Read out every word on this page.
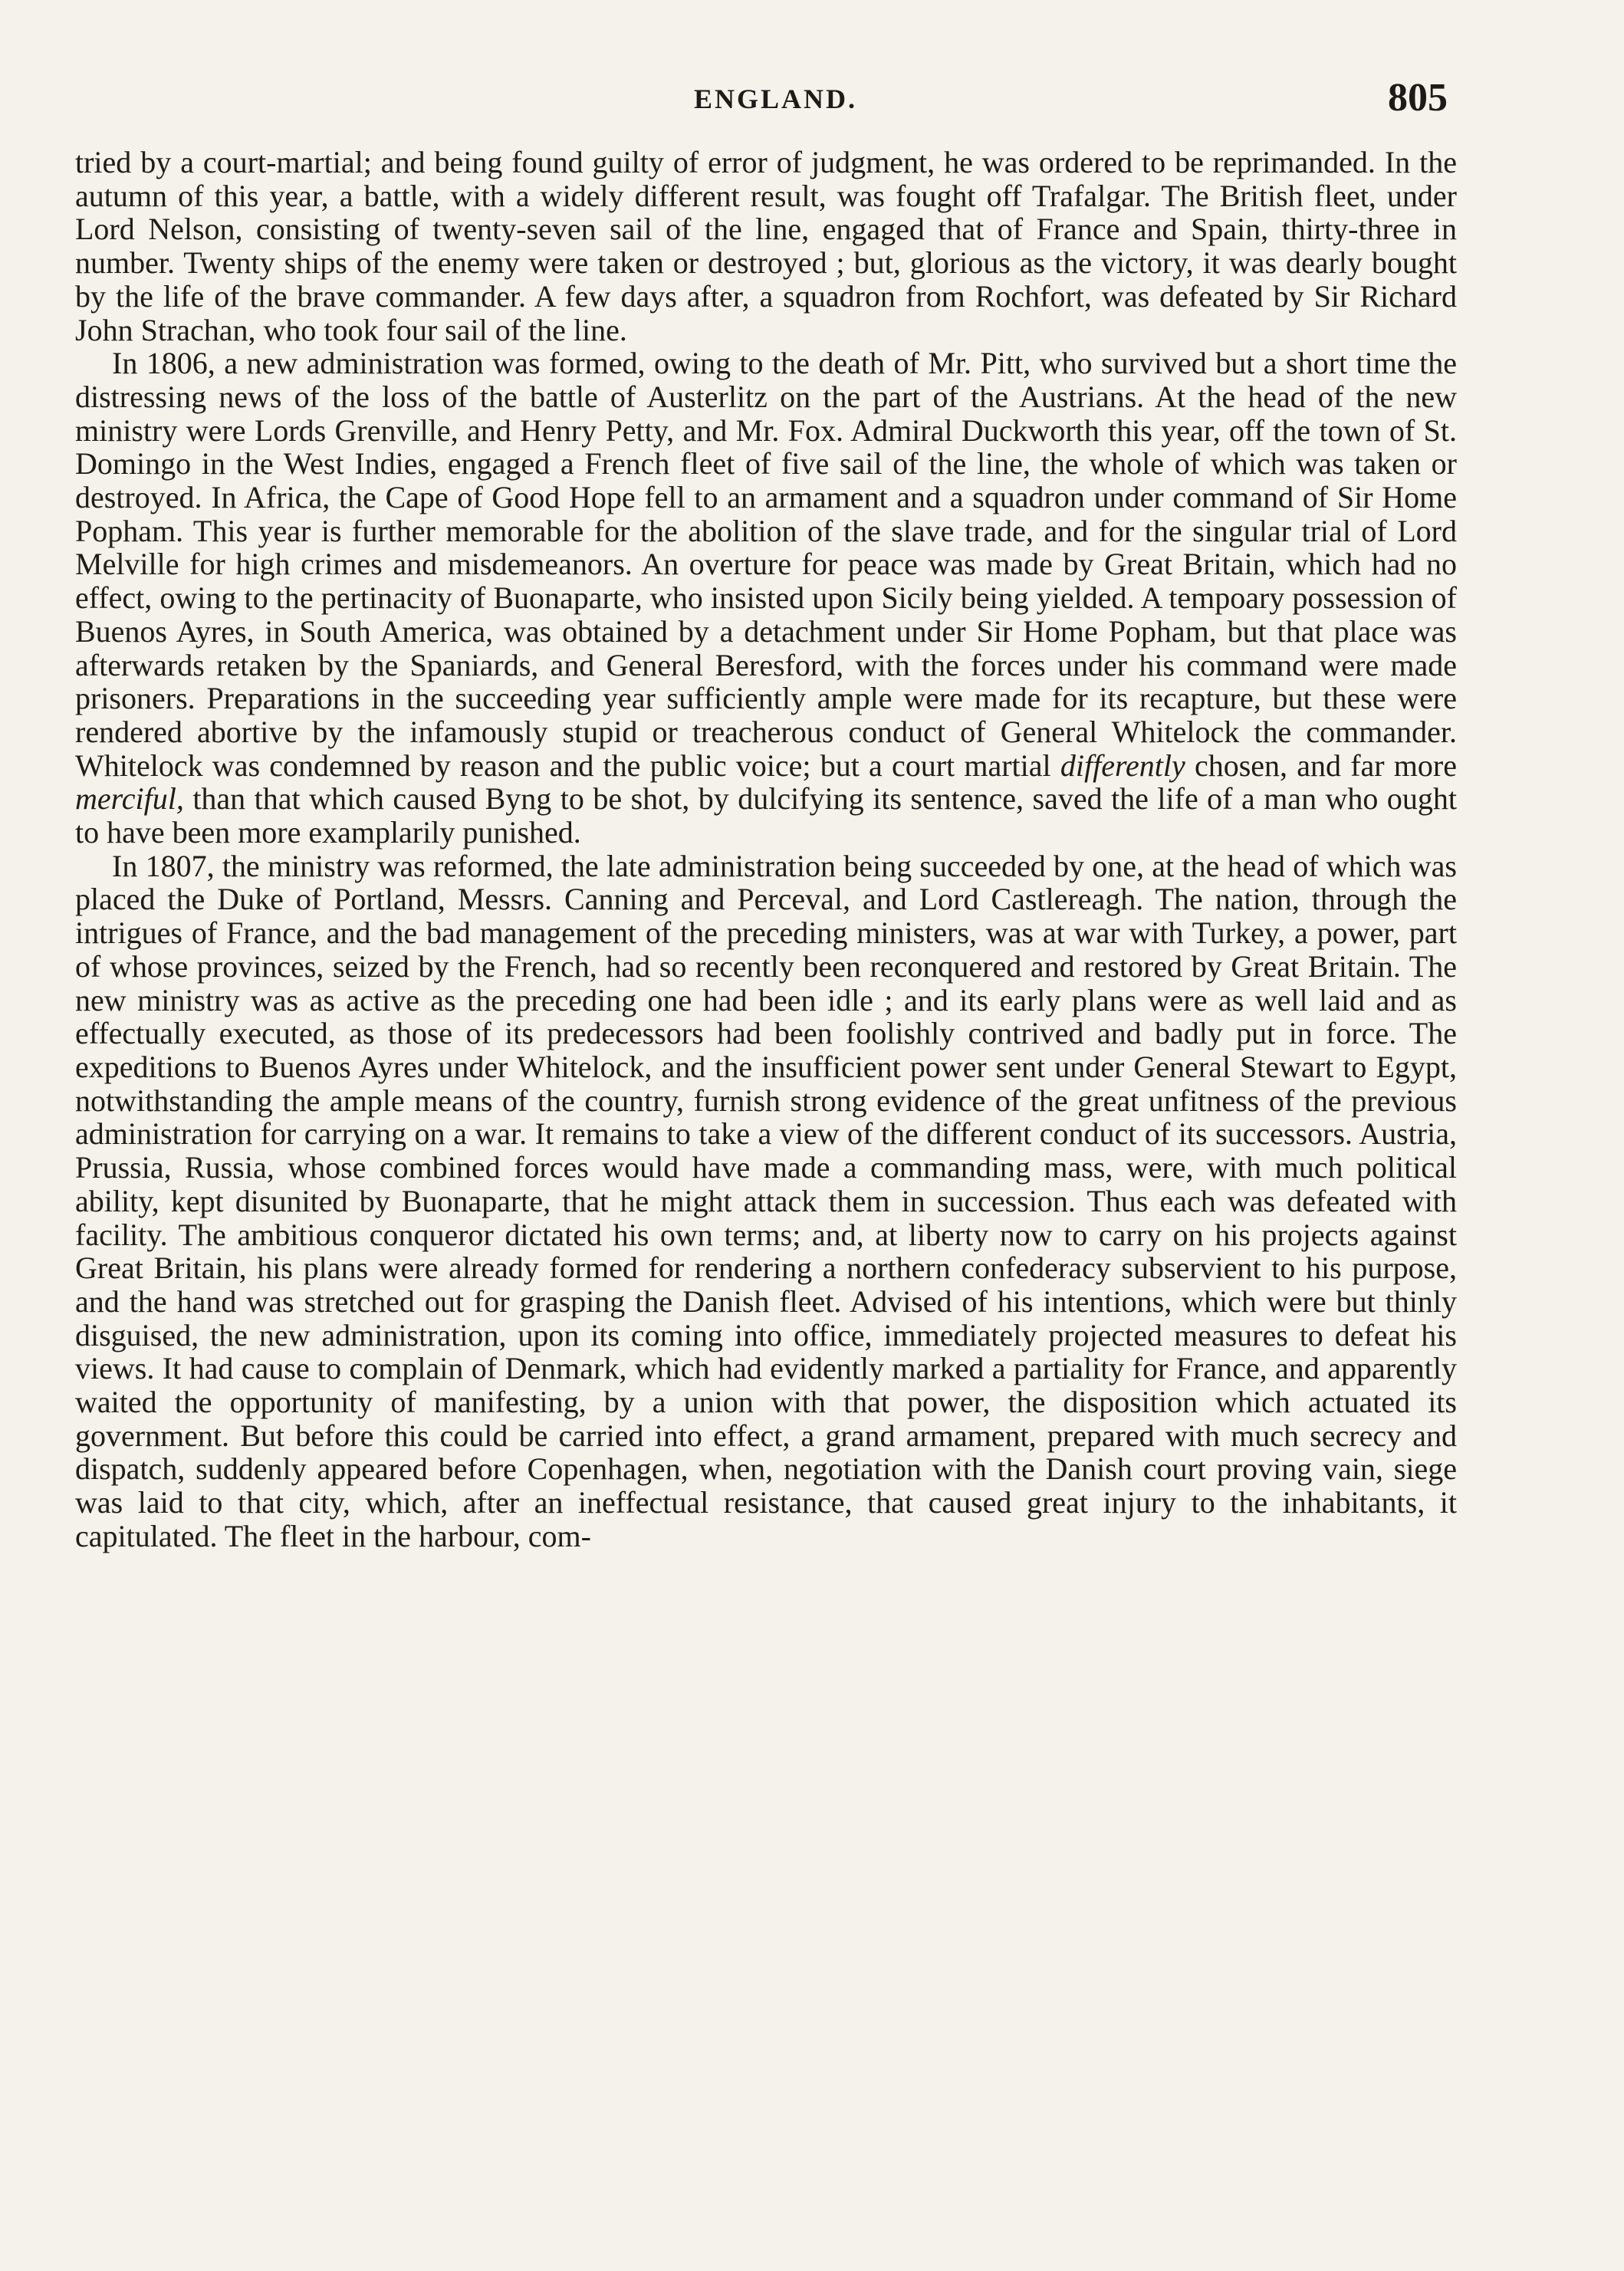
ENGLAND.	805

tried by a court-martial; and being found guilty of error of judgment, he was ordered to be reprimanded. In the autumn of this year, a battle, with a widely different result, was fought off Trafalgar. The British fleet, under Lord Nelson, consisting of twenty-seven sail of the line, engaged that of France and Spain, thirty-three in number. Twenty ships of the enemy were taken or destroyed ; but, glorious as the victory, it was dearly bought by the life of the brave commander. A few days after, a squadron from Rochfort, was defeated by Sir Richard John Strachan, who took four sail of the line.

In 1806, a new administration was formed, owing to the death of Mr. Pitt, who survived but a short time the distressing news of the loss of the battle of Austerlitz on the part of the Austrians. At the head of the new ministry were Lords Grenville, and Henry Petty, and Mr. Fox. Admiral Duckworth this year, off the town of St. Domingo in the West Indies, engaged a French fleet of five sail of the line, the whole of which was taken or destroyed. In Africa, the Cape of Good Hope fell to an armament and a squadron under command of Sir Home Popham. This year is further memorable for the abolition of the slave trade, and for the singular trial of Lord Melville for high crimes and misdemeanors. An overture for peace was made by Great Britain, which had no effect, owing to the pertinacity of Buonaparte, who insisted upon Sicily being yielded. A tempoary possession of Buenos Ayres, in South America, was obtained by a detachment under Sir Home Popham, but that place was afterwards retaken by the Spaniards, and General Beresford, with the forces under his command were made prisoners. Preparations in the succeeding year sufficiently ample were made for its recapture, but these were rendered abortive by the infamously stupid or treacherous conduct of General Whitelock the commander. Whitelock was condemned by reason and the public voice; but a court martial differently chosen, and far more merciful, than that which caused Byng to be shot, by dulcifying its sentence, saved the life of a man who ought to have been more examplarily punished.

In 1807, the ministry was reformed, the late administration being succeeded by one, at the head of which was placed the Duke of Portland, Messrs. Canning and Perceval, and Lord Castlereagh. The nation, through the intrigues of France, and the bad management of the preceding ministers, was at war with Turkey, a power, part of whose provinces, seized by the French, had so recently been reconquered and restored by Great Britain. The new ministry was as active as the preceding one had been idle ; and its early plans were as well laid and as effectually executed, as those of its predecessors had been foolishly contrived and badly put in force. The expeditions to Buenos Ayres under Whitelock, and the insufficient power sent under General Stewart to Egypt, notwithstanding the ample means of the country, furnish strong evidence of the great unfitness of the previous administration for carrying on a war. It remains to take a view of the different conduct of its successors. Austria, Prussia, Russia, whose combined forces would have made a commanding mass, were, with much political ability, kept disunited by Buonaparte, that he might attack them in succession. Thus each was defeated with facility. The ambitious conqueror dictated his own terms; and, at liberty now to carry on his projects against Great Britain, his plans were already formed for rendering a northern confederacy subservient to his purpose, and the hand was stretched out for grasping the Danish fleet. Advised of his intentions, which were but thinly disguised, the new administration, upon its coming into office, immediately projected measures to defeat his views. It had cause to complain of Denmark, which had evidently marked a partiality for France, and apparently waited the opportunity of manifesting, by a union with that power, the disposition which actuated its government. But before this could be carried into effect, a grand armament, prepared with much secrecy and dispatch, suddenly appeared before Copenhagen, when, negotiation with the Danish court proving vain, siege was laid to that city, which, after an ineffectual resistance, that caused great injury to the inhabitants, it capitulated. The fleet in the harbour, com-
